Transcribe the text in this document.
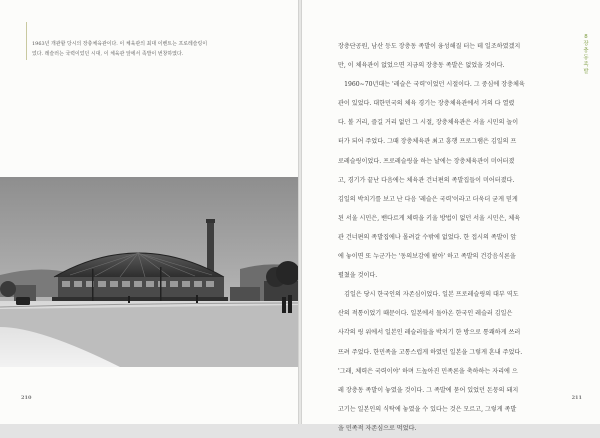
1963년 개관할 당시의 장충체육관이다. 이 체육관의 최대 이벤트는 프로레슬링이

었다. 레슬러는 국력이었던 시대, 이 체육관 앞에서 족발이 번창하였다.

210

장충단공원, 남산 등도 장충동 족발이 융성해질 터는 테 일조하였겠지

만, 이 체육관이 없었으면 지금의 장충동 족발은 없었을 것이다.

　1960~70년대는 '레슬은 국력'이었던 시절이다. 그 중심에 장충체육

관이 있었다. 대한민국의 체육 경기는 장충체육관에서 거의 다 열렸

다. 볼 거리, 즐길 거리 없던 그 시절, 장충체육관은 서울 시민의 놀이

터가 되어 주었다. 그때 장충체육관 최고 흥행 프로그램은 김일의 프

로레슬링이었다. 프로레슬링을 하는 날에는 장충체육관이 미어터졌

고, 경기가 끝난 다음에는 체육관 건너편의 족발집들이 미어터졌다.

김일의 박치기를 보고 난 다음 '레슬은 국력'이라고 더욱더 굳게 믿게

된 서울 시민은, 밴다르게 체력을 키울 방법이 없던 서울 시민은, 체육

관 건너편의 족발집에나 몰려갈 수밖에 없었다. 한 접시의 족발이 앞

에 놓이면 또 누군가는 '동의보감에 왈아' 하고 족발의 건강음식론을

펼쳤을 것이다.

　김일은 당시 한국인의 자존심이었다. 일본 프로레슬링의 대부 역도

산의 적통이었기 때문이다. 일본에서 돌아온 한국인 레슬러 김일은

사각의 링 위에서 일본인 레슬러들을 박치기 한 방으로 통쾌하게 쓰러

뜨려 주었다. 한민족을 고통스럽게 하였던 일본을 그렇게 혼내 주었다.

'그래, 체력은 국력이야' 하며 드높아진 민족론을 축하하는 자리에 으

레 장충동 족발이 놓였을 것이다. 그 족발에 묻어 있었던 돈뭉의 돼지

고기는 일본인의 식탁에 놓였을 수 있다는 것은 모르고, 그렇게 족발

을 민족적 자존심으로 먹었다.

8
장
충
동
족
발
211
